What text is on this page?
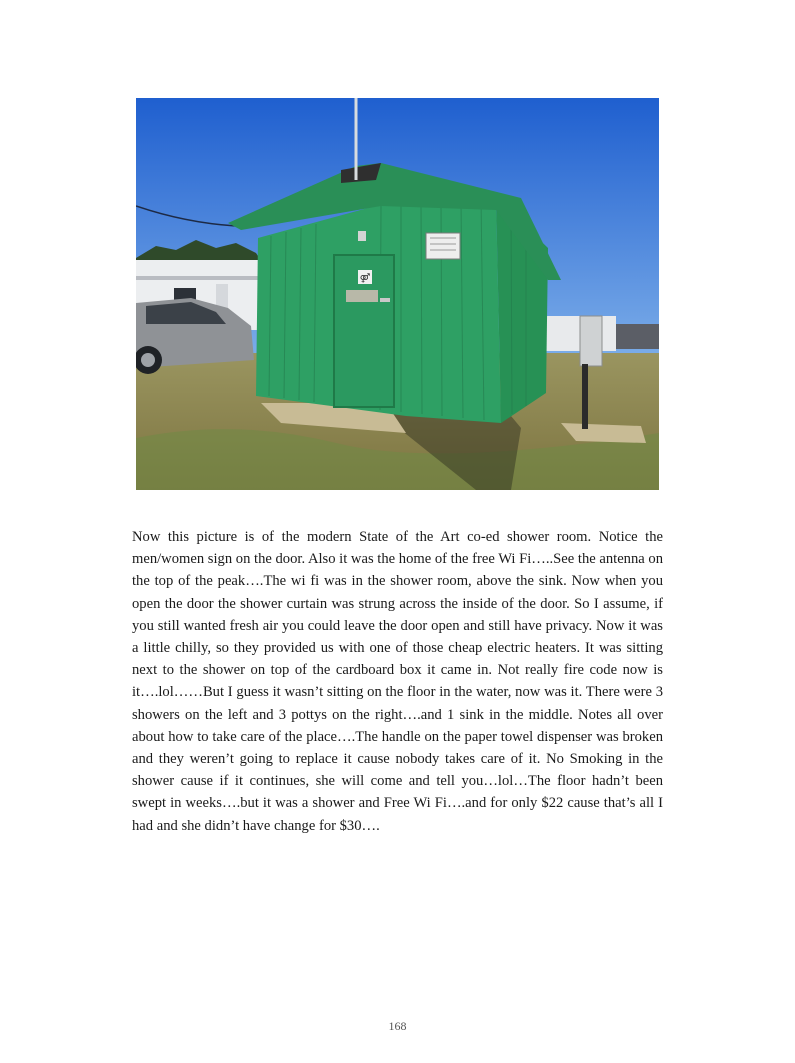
⚤

Now this picture is of the modern State of the Art co-ed shower room. Notice the men/women sign on the door. Also it was the home of the free Wi Fi…..See the antenna on the top of the peak….The wi fi was in the shower room, above the sink. Now when you open the door the shower curtain was strung across the inside of the door. So I assume, if you still wanted fresh air you could leave the door open and still have privacy. Now it was a little chilly, so they provided us with one of those cheap electric heaters. It was sitting next to the shower on top of the cardboard box it came in. Not really fire code now is it….lol……But I guess it wasn’t sitting on the floor in the water, now was it. There were 3 showers on the left and 3 pottys on the right….and 1 sink in the middle. Notes all over about how to take care of the place….The handle on the paper towel dispenser was broken and they weren’t going to replace it cause nobody takes care of it. No Smoking in the shower cause if it continues, she will come and tell you…lol…The floor hadn’t been swept in weeks….but it was a shower and Free Wi Fi….and for only $22 cause that’s all I had and she didn’t have change for $30….

168
